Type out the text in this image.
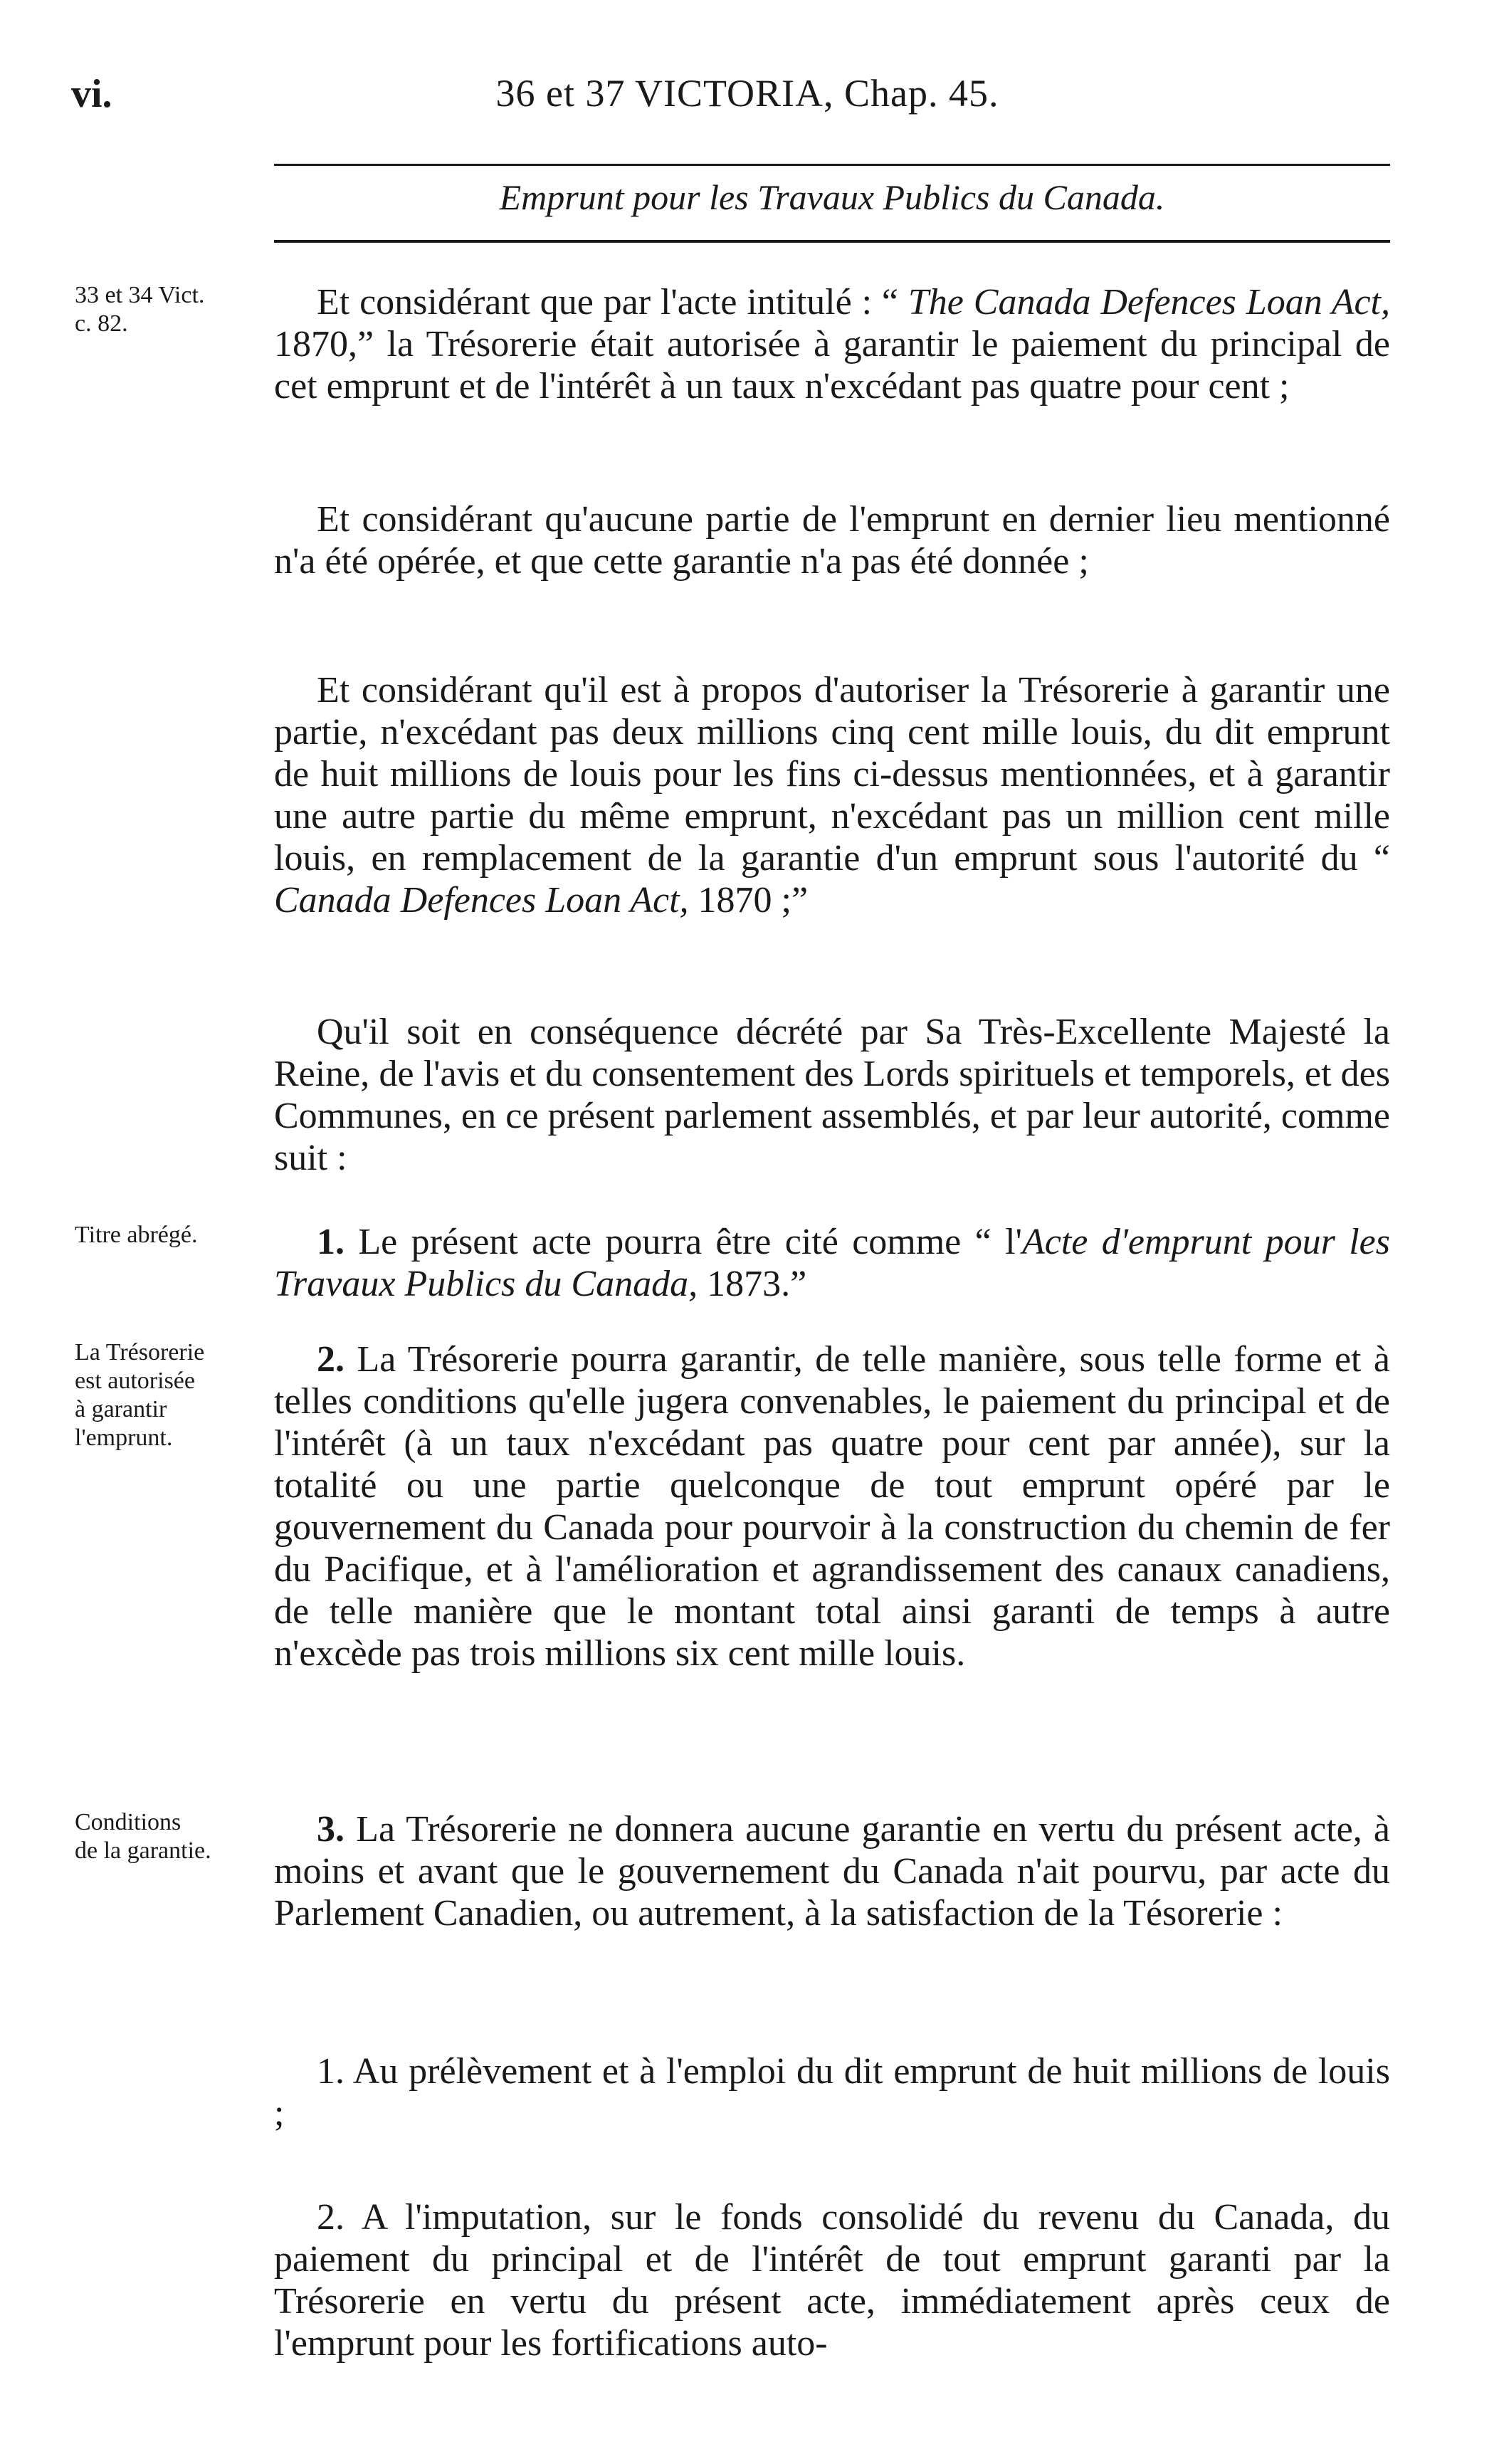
vi.	36 et 37 VICTORIA, Chap. 45.
Emprunt pour les Travaux Publics du Canada.
33 et 34 Vict.
c. 82.
Titre abrégé.
La Trésorerie
est autorisée
à garantir
l'emprunt.
Conditions
de la garantie.
Et considérant que par l'acte intitulé : “ The Canada Defences Loan Act, 1870,” la Trésorerie était autorisée à garantir le paiement du principal de cet emprunt et de l'intérêt à un taux n'excédant pas quatre pour cent ;
Et considérant qu'aucune partie de l'emprunt en dernier lieu mentionné n'a été opérée, et que cette garantie n'a pas été donnée ;
Et considérant qu'il est à propos d'autoriser la Trésorerie à garantir une partie, n'excédant pas deux millions cinq cent mille louis, du dit emprunt de huit millions de louis pour les fins ci-dessus mentionnées, et à garantir une autre partie du même emprunt, n'excédant pas un million cent mille louis, en remplacement de la garantie d'un emprunt sous l'autorité du “ Canada Defences Loan Act, 1870 ;”
Qu'il soit en conséquence décrété par Sa Très-Excellente Majesté la Reine, de l'avis et du consentement des Lords spirituels et temporels, et des Communes, en ce présent parlement assemblés, et par leur autorité, comme suit :
1. Le présent acte pourra être cité comme “ l'Acte d'emprunt pour les Travaux Publics du Canada, 1873.”
2. La Trésorerie pourra garantir, de telle manière, sous telle forme et à telles conditions qu'elle jugera convenables, le paiement du principal et de l'intérêt (à un taux n'excédant pas quatre pour cent par année), sur la totalité ou une partie quelconque de tout emprunt opéré par le gouvernement du Canada pour pourvoir à la construction du chemin de fer du Pacifique, et à l'amélioration et agrandissement des canaux canadiens, de telle manière que le montant total ainsi garanti de temps à autre n'excède pas trois millions six cent mille louis.
3. La Trésorerie ne donnera aucune garantie en vertu du présent acte, à moins et avant que le gouvernement du Canada n'ait pourvu, par acte du Parlement Canadien, ou autrement, à la satisfaction de la Tésorerie :
1. Au prélèvement et à l'emploi du dit emprunt de huit millions de louis ;
2. A l'imputation, sur le fonds consolidé du revenu du Canada, du paiement du principal et de l'intérêt de tout emprunt garanti par la Trésorerie en vertu du présent acte, immédiatement après ceux de l'emprunt pour les fortifications auto-
